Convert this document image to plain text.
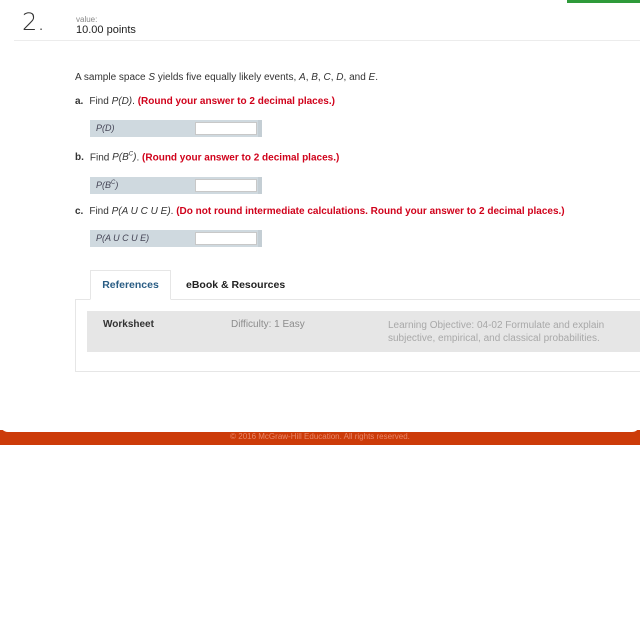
2.	value:
10.00 points
A sample space S yields five equally likely events, A, B, C, D, and E.
a. Find P(D). (Round your answer to 2 decimal places.)
P(D)
b. Find $P(B^C)$. (Round your answer to 2 decimal places.)
$P(B^C)$
c. Find P(A U C U E). (Do not round intermediate calculations. Round your answer to 2 decimal places.)
P(A U C U E)
References	eBook & Resources
Worksheet	Difficulty: 1 Easy	Learning Objective: 04-02 Formulate and explain subjective, empirical, and classical probabilities.
© 2016 McGraw-Hill Education. All rights reserved.
